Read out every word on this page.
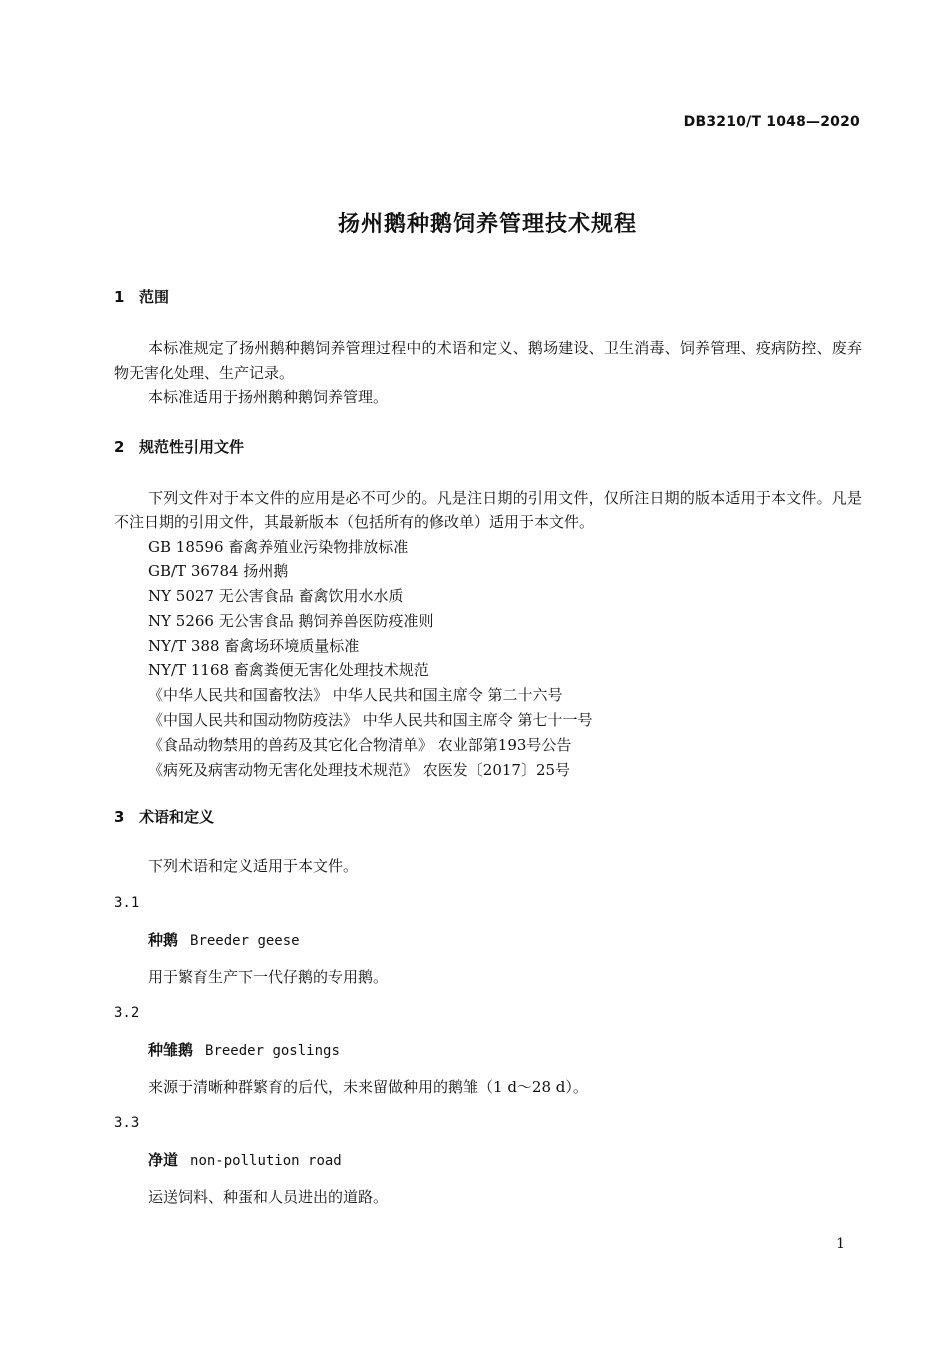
DB3210/T 1048—2020
扬州鹅种鹅饲养管理技术规程
1 范围
本标准规定了扬州鹅种鹅饲养管理过程中的术语和定义、鹅场建设、卫生消毒、饲养管理、疫病防控、废弃物无害化处理、生产记录。
本标准适用于扬州鹅种鹅饲养管理。
2 规范性引用文件
下列文件对于本文件的应用是必不可少的。凡是注日期的引用文件，仅所注日期的版本适用于本文件。凡是不注日期的引用文件，其最新版本（包括所有的修改单）适用于本文件。
GB 18596 畜禽养殖业污染物排放标准
GB/T 36784 扬州鹅
NY 5027 无公害食品 畜禽饮用水水质
NY 5266 无公害食品 鹅饲养兽医防疫准则
NY/T 388 畜禽场环境质量标准
NY/T 1168 畜禽粪便无害化处理技术规范
《中华人民共和国畜牧法》 中华人民共和国主席令 第二十六号
《中国人民共和国动物防疫法》 中华人民共和国主席令 第七十一号
《食品动物禁用的兽药及其它化合物清单》 农业部第193号公告
《病死及病害动物无害化处理技术规范》 农医发〔2017〕25号
3 术语和定义
下列术语和定义适用于本文件。
3.1
种鹅 Breeder geese
用于繁育生产下一代仔鹅的专用鹅。
3.2
种雏鹅 Breeder goslings
来源于清晰种群繁育的后代，未来留做种用的鹅雏（1 d～28 d）。
3.3
净道 non-pollution road
运送饲料、种蛋和人员进出的道路。
1
